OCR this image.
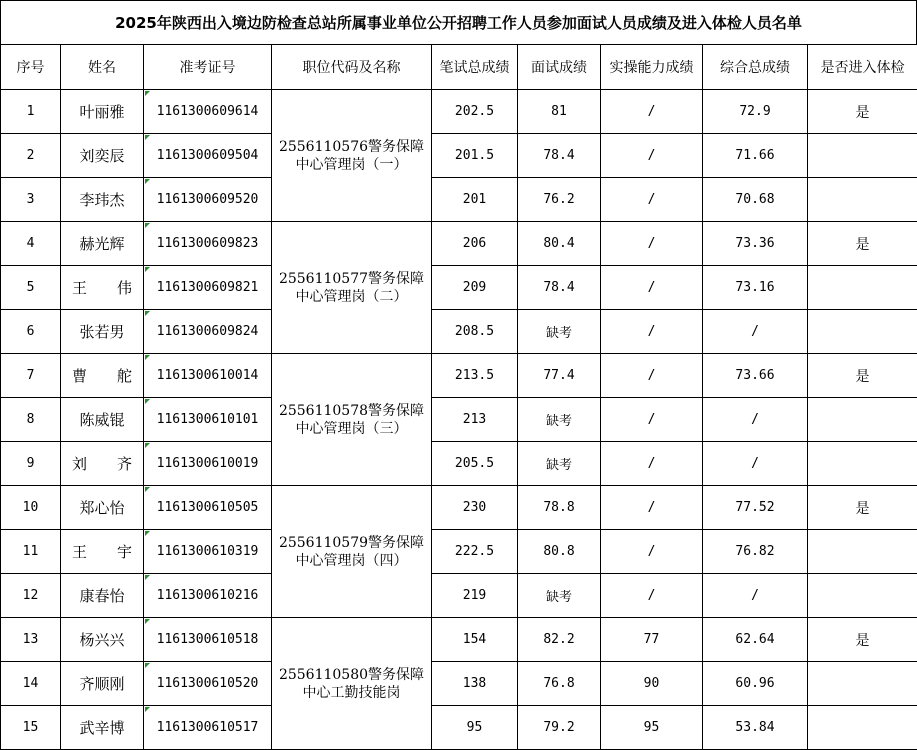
2025年陕西出入境边防检查总站所属事业单位公开招聘工作人员参加面试人员成绩及进入体检人员名单
序号	姓名	准考证号	职位代码及名称	笔试总成绩	面试成绩	实操能力成绩	综合总成绩	是否进入体检
1	叶丽雅	1161300609614	2556110576警务保障中心管理岗（一）	202.5	81	/	72.9	是
2	刘奕辰	1161300609504		201.5	78.4	/	71.66	
3	李玮杰	1161300609520		201	76.2	/	70.68	
4	赫光辉	1161300609823	2556110577警务保障中心管理岗（二）	206	80.4	/	73.36	是
5	王　　伟	1161300609821		209	78.4	/	73.16	
6	张若男	1161300609824		208.5	缺考	/	/	
7	曹　　舵	1161300610014	2556110578警务保障中心管理岗（三）	213.5	77.4	/	73.66	是
8	陈威锟	1161300610101		213	缺考	/	/	
9	刘　　齐	1161300610019		205.5	缺考	/	/	
10	郑心怡	1161300610505	2556110579警务保障中心管理岗（四）	230	78.8	/	77.52	是
11	王　　宇	1161300610319		222.5	80.8	/	76.82	
12	康春怡	1161300610216		219	缺考	/	/	
13	杨兴兴	1161300610518	2556110580警务保障中心工勤技能岗	154	82.2	77	62.64	是
14	齐顺刚	1161300610520		138	76.8	90	60.96	
15	武辛博	1161300610517		95	79.2	95	53.84	
